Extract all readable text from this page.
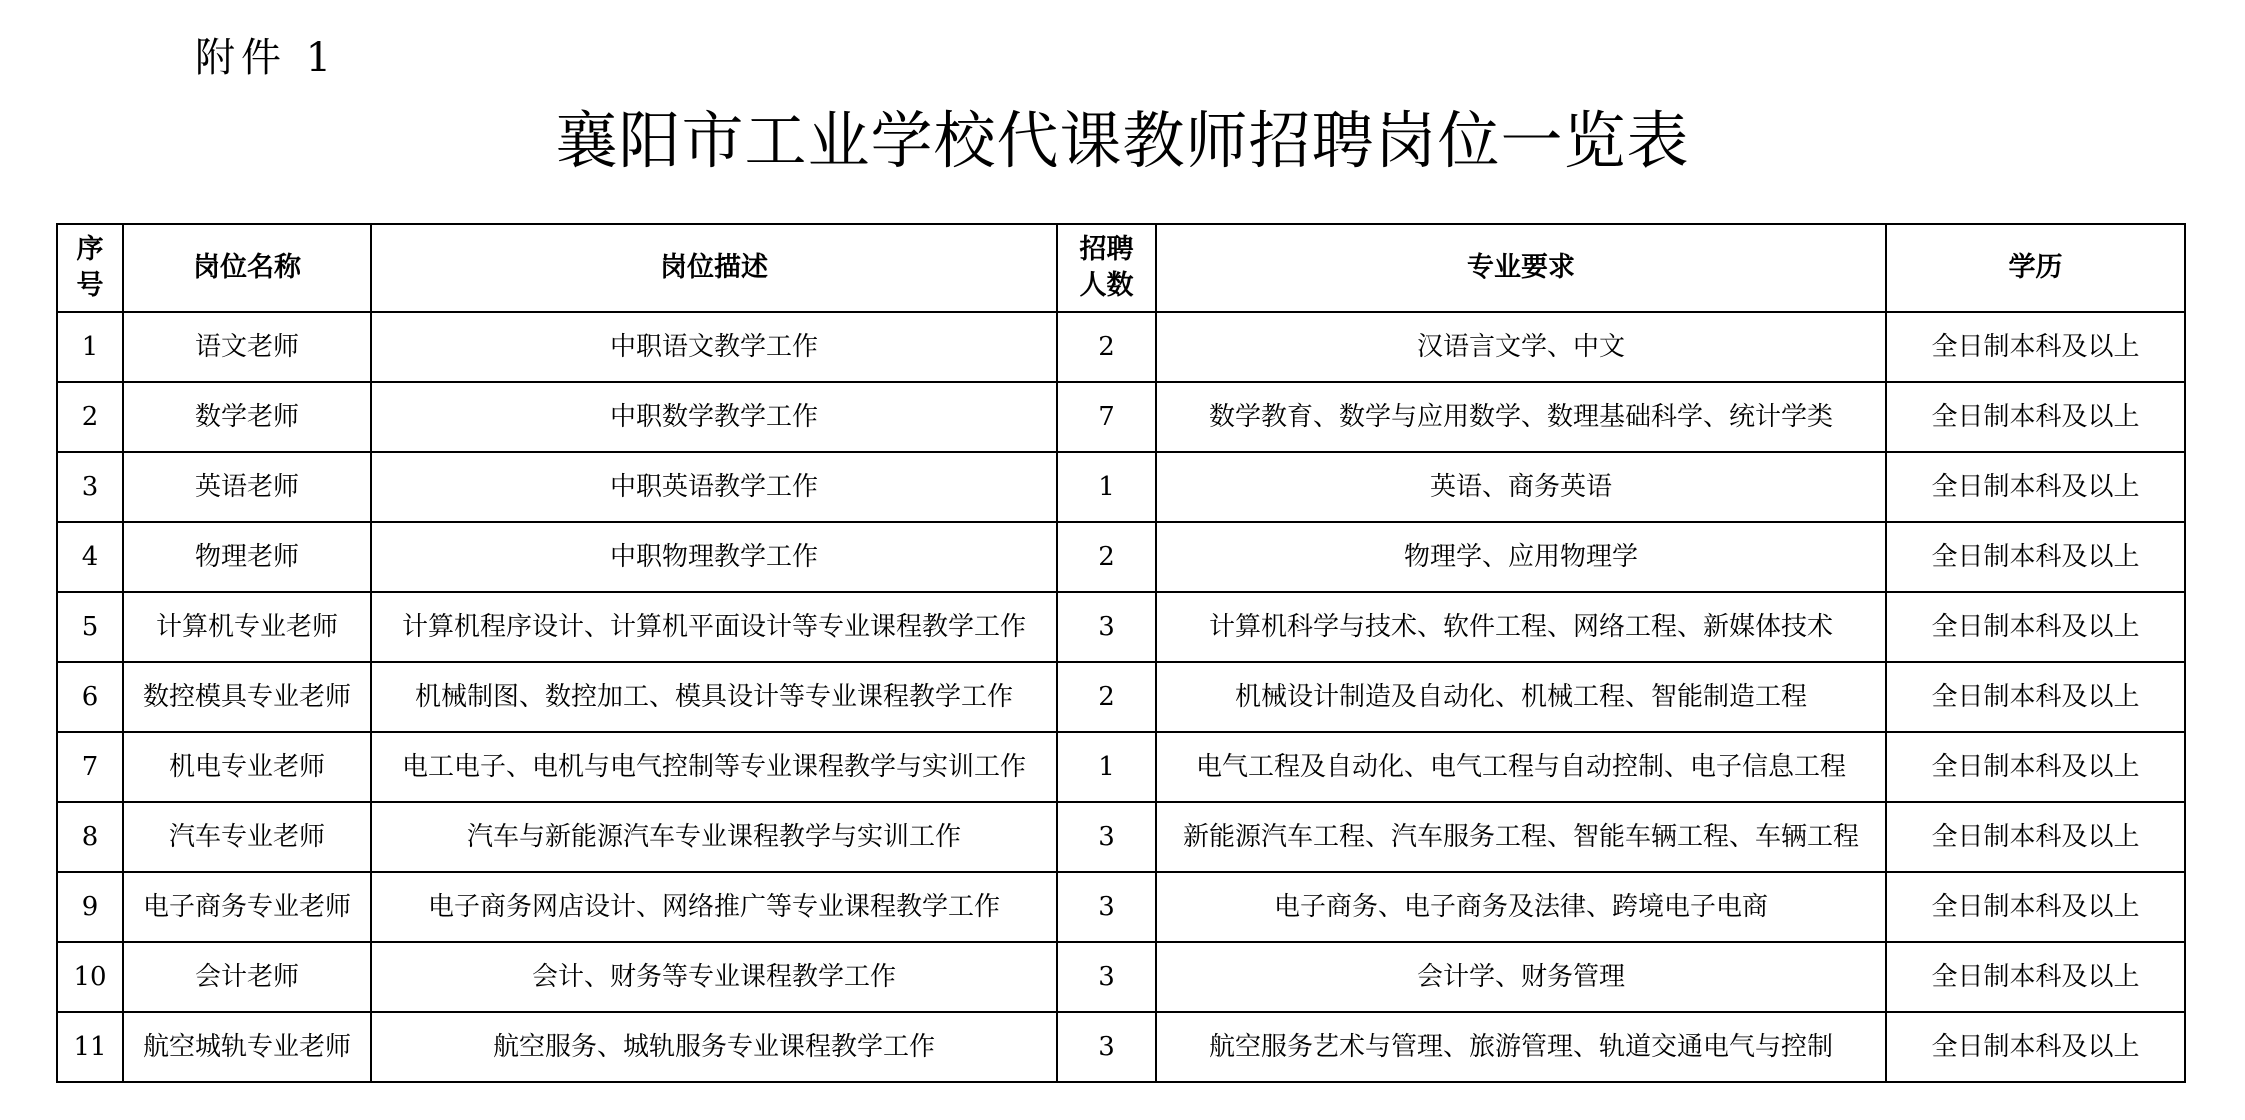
附件 1
襄阳市工业学校代课教师招聘岗位一览表
序号	岗位名称	岗位描述	招聘人数	专业要求	学历
1	语文老师	中职语文教学工作	2	汉语言文学、中文	全日制本科及以上
2	数学老师	中职数学教学工作	7	数学教育、数学与应用数学、数理基础科学、统计学类	全日制本科及以上
3	英语老师	中职英语教学工作	1	英语、商务英语	全日制本科及以上
4	物理老师	中职物理教学工作	2	物理学、应用物理学	全日制本科及以上
5	计算机专业老师	计算机程序设计、计算机平面设计等专业课程教学工作	3	计算机科学与技术、软件工程、网络工程、新媒体技术	全日制本科及以上
6	数控模具专业老师	机械制图、数控加工、模具设计等专业课程教学工作	2	机械设计制造及自动化、机械工程、智能制造工程	全日制本科及以上
7	机电专业老师	电工电子、电机与电气控制等专业课程教学与实训工作	1	电气工程及自动化、电气工程与自动控制、电子信息工程	全日制本科及以上
8	汽车专业老师	汽车与新能源汽车专业课程教学与实训工作	3	新能源汽车工程、汽车服务工程、智能车辆工程、车辆工程	全日制本科及以上
9	电子商务专业老师	电子商务网店设计、网络推广等专业课程教学工作	3	电子商务、电子商务及法律、跨境电子电商	全日制本科及以上
10	会计老师	会计、财务等专业课程教学工作	3	会计学、财务管理	全日制本科及以上
11	航空城轨专业老师	航空服务、城轨服务专业课程教学工作	3	航空服务艺术与管理、旅游管理、轨道交通电气与控制	全日制本科及以上
